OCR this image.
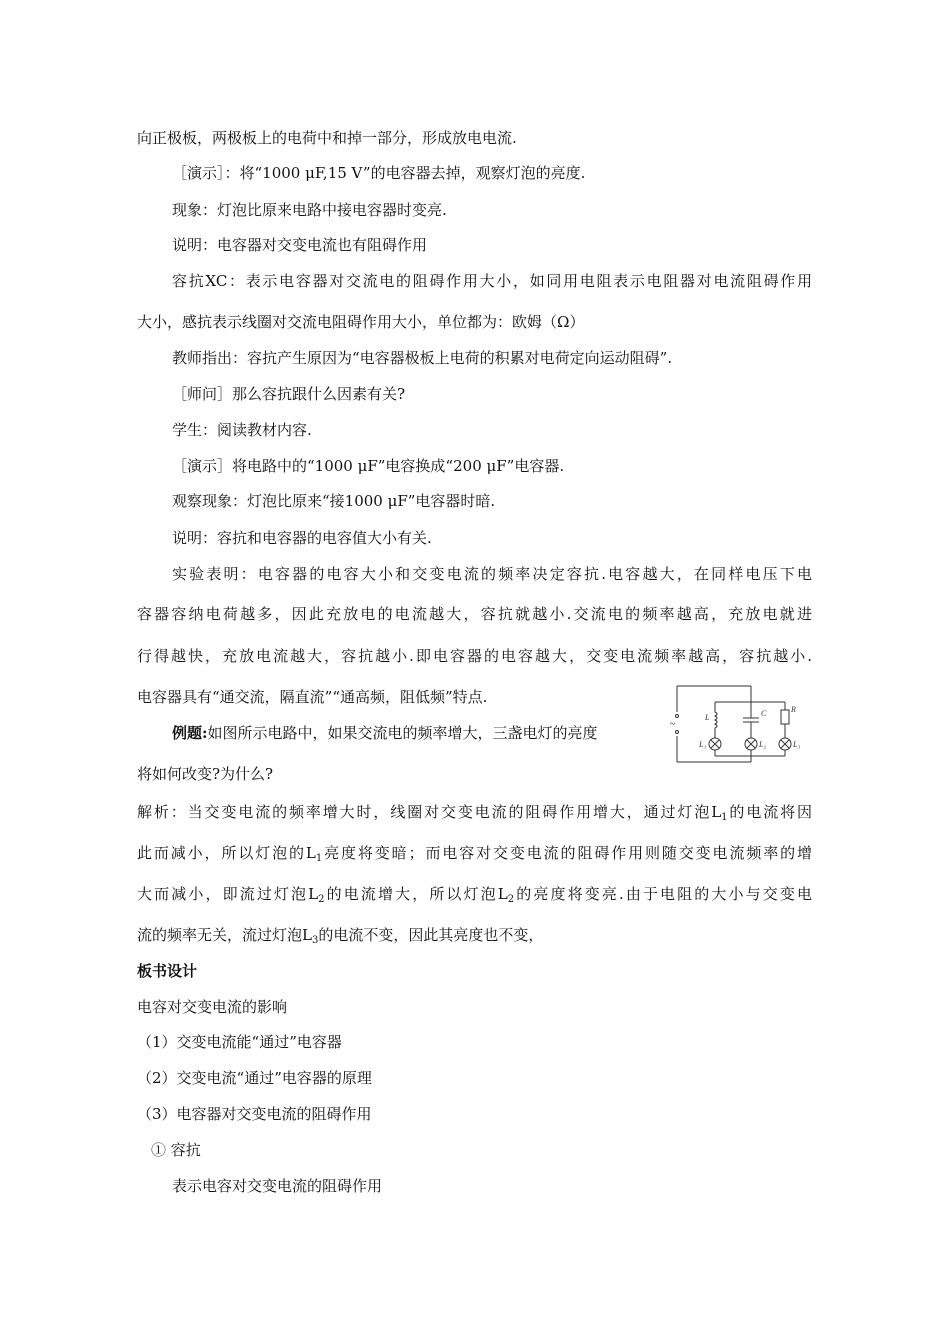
向正极板，两极板上的电荷中和掉一部分，形成放电电流.
［演示］：将“1000 μF,15 V”的电容器去掉，观察灯泡的亮度.
现象：灯泡比原来电路中接电容器时变亮.
说明：电容器对交变电流也有阻碍作用
容抗XC：表示电容器对交流电的阻碍作用大小，如同用电阻表示电阻器对电流阻碍作用
大小，感抗表示线圈对交流电阻碍作用大小，单位都为：欧姆（Ω）
教师指出：容抗产生原因为“电容器极板上电荷的积累对电荷定向运动阻碍”.
［师问］那么容抗跟什么因素有关?
学生：阅读教材内容.
［演示］将电路中的“1000 μF”电容换成“200 μF”电容器.
观察现象：灯泡比原来“接1000 μF”电容器时暗.
说明：容抗和电容器的电容值大小有关.
实验表明：电容器的电容大小和交变电流的频率决定容抗.电容越大，在同样电压下电
容器容纳电荷越多，因此充放电的电流越大，容抗就越小.交流电的频率越高，充放电就进
行得越快，充放电流越大，容抗越小.即电容器的电容越大，交变电流频率越高，容抗越小.
电容器具有“通交流，隔直流”“通高频，阻低频”特点.
例题:如图所示电路中，如果交流电的频率增大，三盏电灯的亮度
将如何改变?为什么?
~
L	C	R
L₁	L₂	L₃
解析：当交变电流的频率增大时，线圈对交变电流的阻碍作用增大，通过灯泡$L_1$的电流将因
此而减小，所以灯泡的$L_1$亮度将变暗；而电容对交变电流的阻碍作用则随交变电流频率的增
大而减小，即流过灯泡$L_2$的电流增大，所以灯泡$L_2$的亮度将变亮.由于电阻的大小与交变电
流的频率无关，流过灯泡$L_3$的电流不变，因此其亮度也不变，
板书设计
电容对交变电流的影响
（1）交变电流能“通过”电容器
（2）交变电流“通过”电容器的原理
（3）电容器对交变电流的阻碍作用
① 容抗
表示电容对交变电流的阻碍作用
